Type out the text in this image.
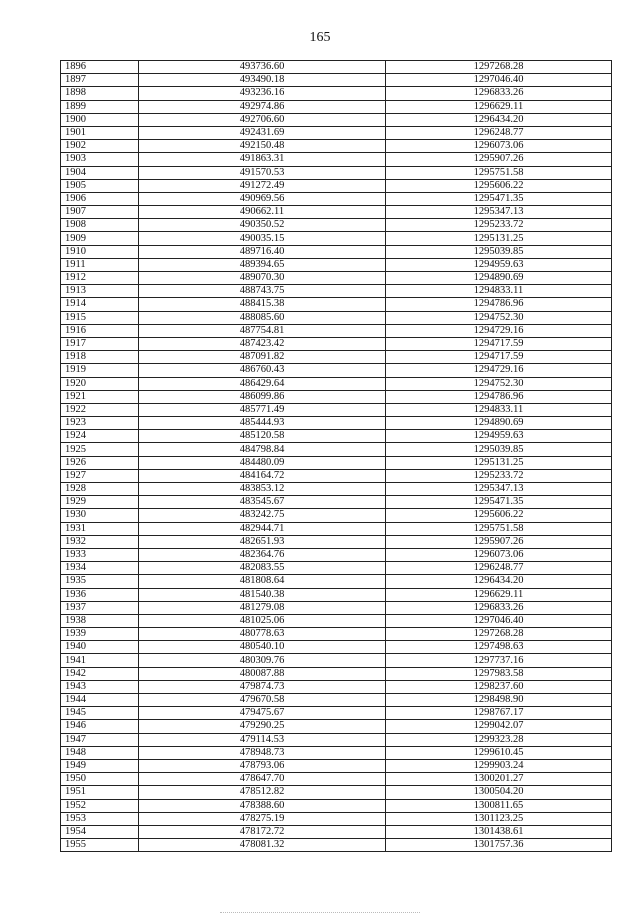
165
1896	493736.60	1297268.28
1897	493490.18	1297046.40
1898	493236.16	1296833.26
1899	492974.86	1296629.11
1900	492706.60	1296434.20
1901	492431.69	1296248.77
1902	492150.48	1296073.06
1903	491863.31	1295907.26
1904	491570.53	1295751.58
1905	491272.49	1295606.22
1906	490969.56	1295471.35
1907	490662.11	1295347.13
1908	490350.52	1295233.72
1909	490035.15	1295131.25
1910	489716.40	1295039.85
1911	489394.65	1294959.63
1912	489070.30	1294890.69
1913	488743.75	1294833.11
1914	488415.38	1294786.96
1915	488085.60	1294752.30
1916	487754.81	1294729.16
1917	487423.42	1294717.59
1918	487091.82	1294717.59
1919	486760.43	1294729.16
1920	486429.64	1294752.30
1921	486099.86	1294786.96
1922	485771.49	1294833.11
1923	485444.93	1294890.69
1924	485120.58	1294959.63
1925	484798.84	1295039.85
1926	484480.09	1295131.25
1927	484164.72	1295233.72
1928	483853.12	1295347.13
1929	483545.67	1295471.35
1930	483242.75	1295606.22
1931	482944.71	1295751.58
1932	482651.93	1295907.26
1933	482364.76	1296073.06
1934	482083.55	1296248.77
1935	481808.64	1296434.20
1936	481540.38	1296629.11
1937	481279.08	1296833.26
1938	481025.06	1297046.40
1939	480778.63	1297268.28
1940	480540.10	1297498.63
1941	480309.76	1297737.16
1942	480087.88	1297983.58
1943	479874.73	1298237.60
1944	479670.58	1298498.90
1945	479475.67	1298767.17
1946	479290.25	1299042.07
1947	479114.53	1299323.28
1948	478948.73	1299610.45
1949	478793.06	1299903.24
1950	478647.70	1300201.27
1951	478512.82	1300504.20
1952	478388.60	1300811.65
1953	478275.19	1301123.25
1954	478172.72	1301438.61
1955	478081.32	1301757.36
